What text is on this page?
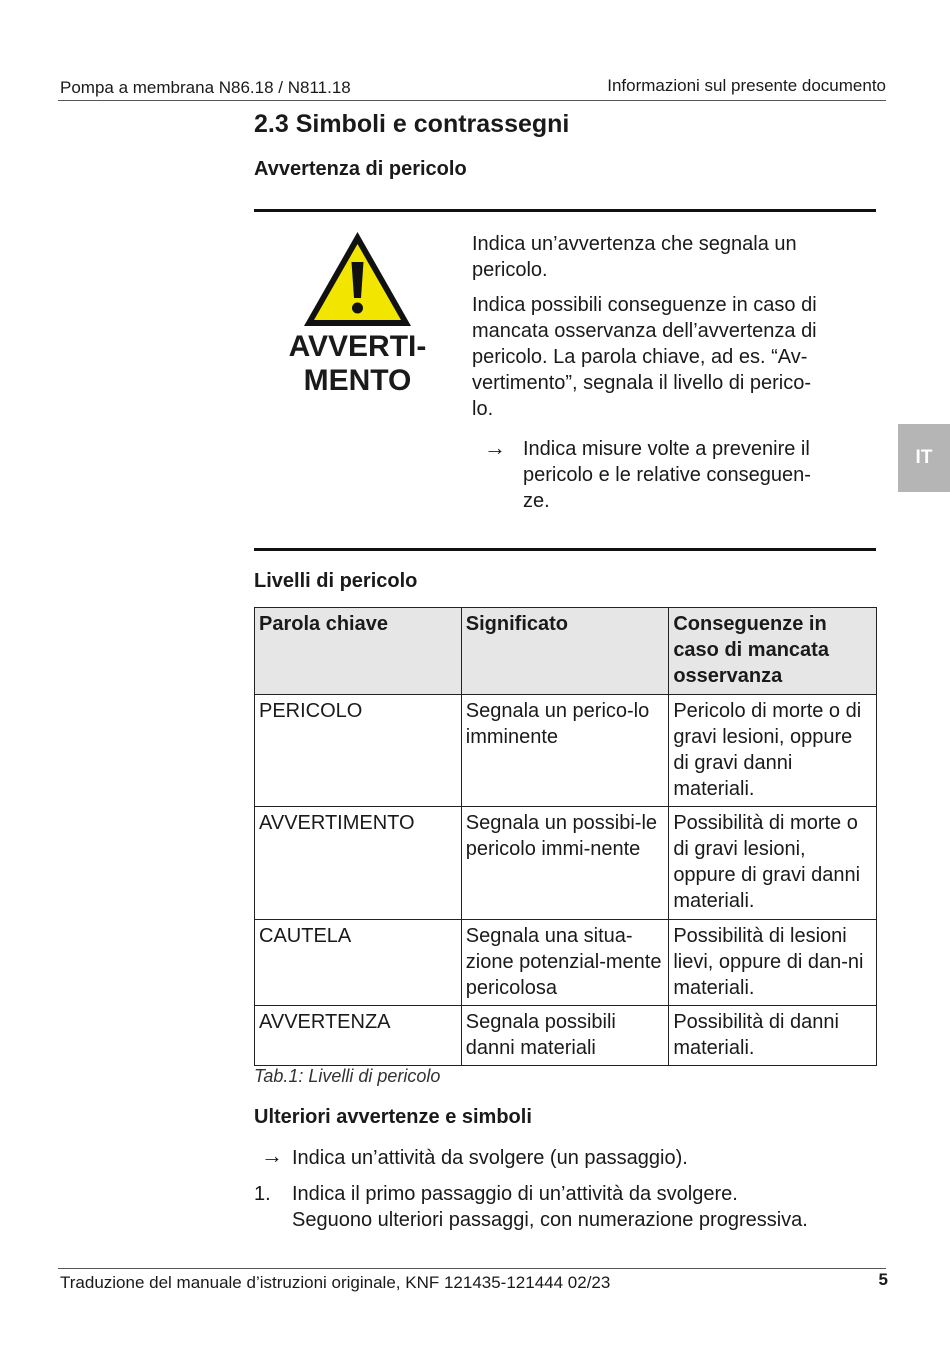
Pompa a membrana N86.18 / N811.18	Informazioni sul presente documento
2.3 Simboli e contrassegni
Avvertenza di pericolo
AVVERTI-
MENTO
Indica un’avvertenza che segnala un
pericolo.
Indica possibili conseguenze in caso di
mancata osservanza dell’avvertenza di
pericolo. La parola chiave, ad es. “Av-
vertimento”, segnala il livello di perico-
lo.
→ Indica misure volte a prevenire il
pericolo e le relative conseguen-
ze.
IT
Livelli di pericolo
Parola chiave	Significato	Conseguenze in caso di mancata osservanza
PERICOLO	Segnala un perico-lo imminente	Pericolo di morte o di gravi lesioni, oppure di gravi danni materiali.
AVVERTIMENTO	Segnala un possibi-le pericolo immi-nente	Possibilità di morte o di gravi lesioni, oppure di gravi danni materiali.
CAUTELA	Segnala una situa-zione potenzial-mente pericolosa	Possibilità di lesioni lievi, oppure di dan-ni materiali.
AVVERTENZA	Segnala possibili danni materiali	Possibilità di danni materiali.
Tab.1: Livelli di pericolo
Ulteriori avvertenze e simboli
→ Indica un’attività da svolgere (un passaggio).
1. Indica il primo passaggio di un’attività da svolgere.
Seguono ulteriori passaggi, con numerazione progressiva.
Traduzione del manuale d’istruzioni originale, KNF 121435-121444 02/23	5
